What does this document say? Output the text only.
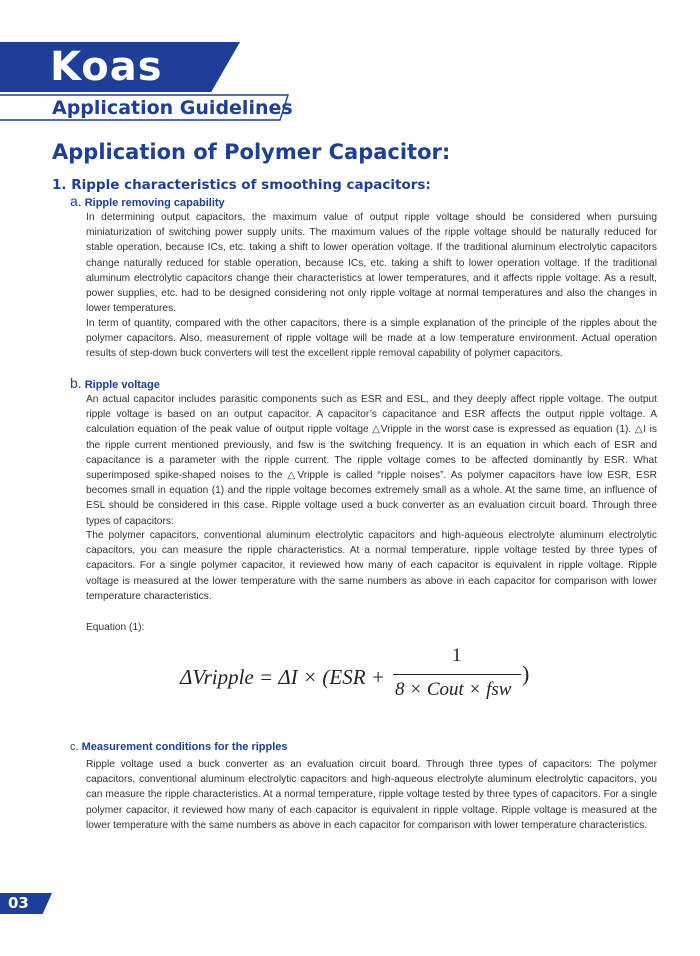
Koas
Application Guidelines
Application of Polymer Capacitor:
1. Ripple characteristics of smoothing capacitors:
a. Ripple removing capability

In determining output capacitors, the maximum value of output ripple voltage should be considered when pursuing miniaturization of switching power supply units. The maximum values of the ripple voltage should be naturally reduced for stable operation, because ICs, etc. taking a shift to lower operation voltage. If the traditional aluminum electrolytic capacitors change naturally reduced for stable operation, because ICs, etc. taking a shift to lower operation voltage. If the traditional aluminum electrolytic capacitors change their characteristics at lower temperatures, and it affects ripple voltage. As a result, power supplies, etc. had to be designed considering not only ripple voltage at normal temperatures and also the changes in lower temperatures.

In term of quantity, compared with the other capacitors, there is a simple explanation of the principle of the ripples about the polymer capacitors. Also, measurement of ripple voltage will be made at a low temperature environment. Actual operation results of step-down buck converters will test the excellent ripple removal capability of polymer capacitors.

b. Ripple voltage

An actual capacitor includes parasitic components such as ESR and ESL, and they deeply affect ripple voltage. The output ripple voltage is based on an output capacitor. A capacitor’s capacitance and ESR affects the output ripple voltage. A calculation equation of the peak value of output ripple voltage △Vripple in the worst case is expressed as equation (1). △I is the ripple current mentioned previously, and fsw is the switching frequency. It is an equation in which each of ESR and capacitance is a parameter with the ripple current. The ripple voltage comes to be affected dominantly by ESR. What superimposed spike-shaped noises to the △Vripple is called “ripple noises”. As polymer capacitors have low ESR, ESR becomes small in equation (1) and the ripple voltage becomes extremely small as a whole. At the same time, an influence of ESL should be considered in this case. Ripple voltage used a buck converter as an evaluation circuit board. Through three types of capacitors:

The polymer capacitors, conventional aluminum electrolytic capacitors and high-aqueous electrolyte aluminum electrolytic capacitors, you can measure the ripple characteristics. At a normal temperature, ripple voltage tested by three types of capacitors. For a single polymer capacitor, it reviewed how many of each capacitor is equivalent in ripple voltage. Ripple voltage is measured at the lower temperature with the same numbers as above in each capacitor for comparison with lower temperature characteristics.

Equation (1):
ΔVripple = ΔI × (ESR +
1
8 × Cout × fsw
)
c. Measurement conditions for the ripples

Ripple voltage used a buck converter as an evaluation circuit board. Through three types of capacitors: The polymer capacitors, conventional aluminum electrolytic capacitors and high-aqueous electrolyte aluminum electrolytic capacitors, you can measure the ripple characteristics. At a normal temperature, ripple voltage tested by three types of capacitors. For a single polymer capacitor, it reviewed how many of each capacitor is equivalent in ripple voltage. Ripple voltage is measured at the lower temperature with the same numbers as above in each capacitor for comparison with lower temperature characteristics.

03
